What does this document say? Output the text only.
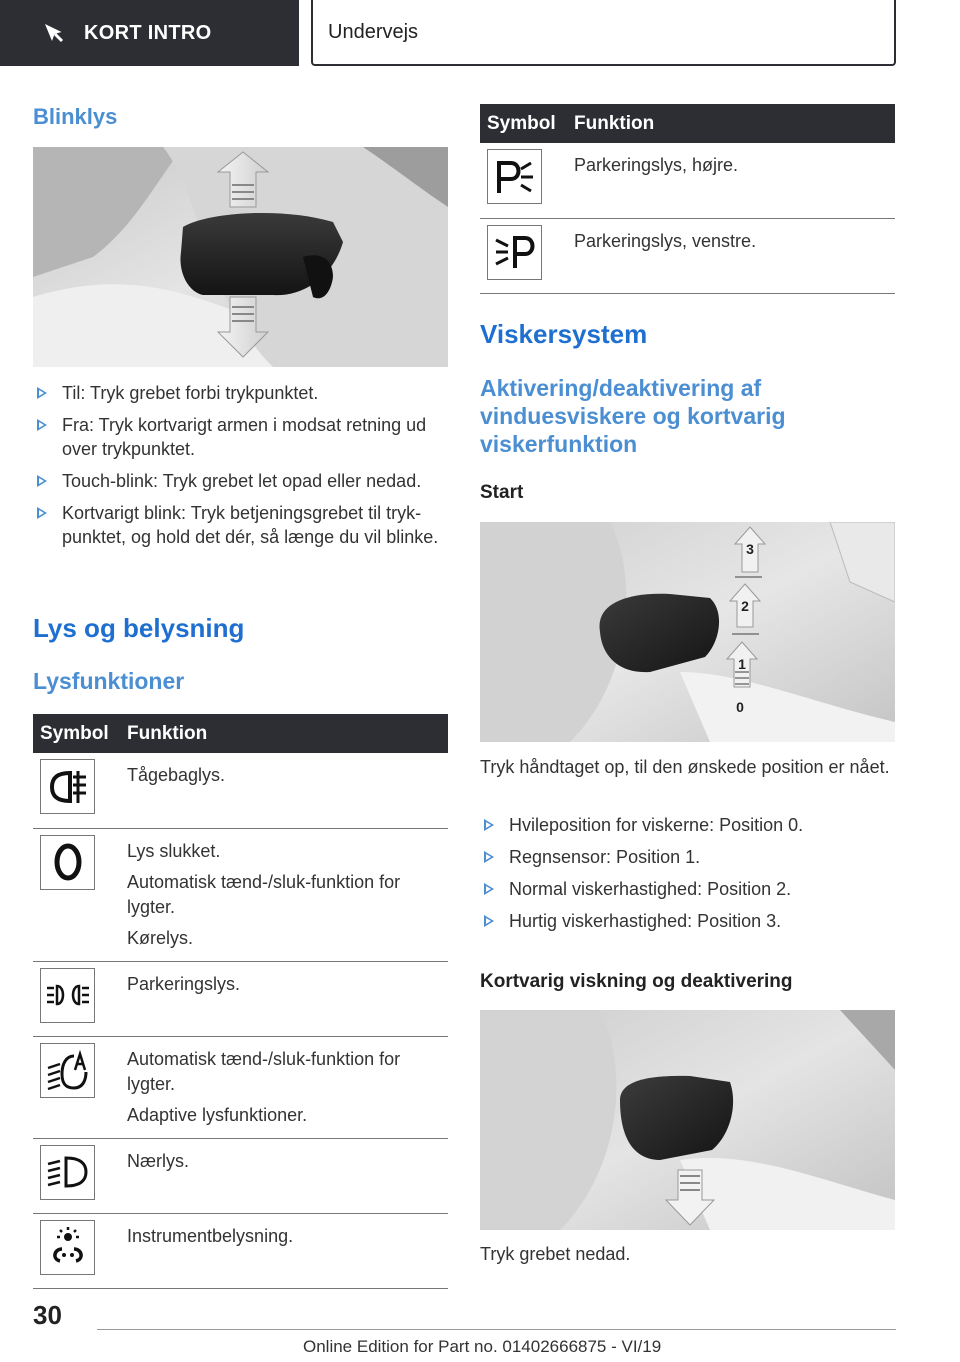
KORT INTRO	Undervejs
Blinklys
Til: Tryk grebet forbi trykpunktet.
Fra: Tryk kortvarigt armen i modsat retning ud over trykpunktet.
Touch-blink: Tryk grebet let opad eller nedad.
Kortvarigt blink: Tryk betjeningsgrebet til tryk‐punktet, og hold det dér, så længe du vil blinke.
Lys og belysning
Lysfunktioner
Symbol	Funktion

Tågebaglys.

Lys slukket.
Automatisk tænd-/sluk-funktion for lygter.
Kørelys.

Parkeringslys.

Automatisk tænd-/sluk-funktion for lygter.
Adaptive lysfunktioner.

Nærlys.

Instrumentbelysning.
Symbol	Funktion

Parkeringslys, højre.

Parkeringslys, venstre.
Viskersystem
Aktivering/deaktivering af vinduesviskere og kortvarig viskerfunktion
Start
3
2
1
0

Tryk håndtaget op, til den ønskede position er nået.

Hvileposition for viskerne: Position 0.
Regnsensor: Position 1.
Normal viskerhastighed: Position 2.
Hurtig viskerhastighed: Position 3.
Kortvarig viskning og deaktivering

Tryk grebet nedad.

30
Online Edition for Part no. 01402666875 - VI/19
